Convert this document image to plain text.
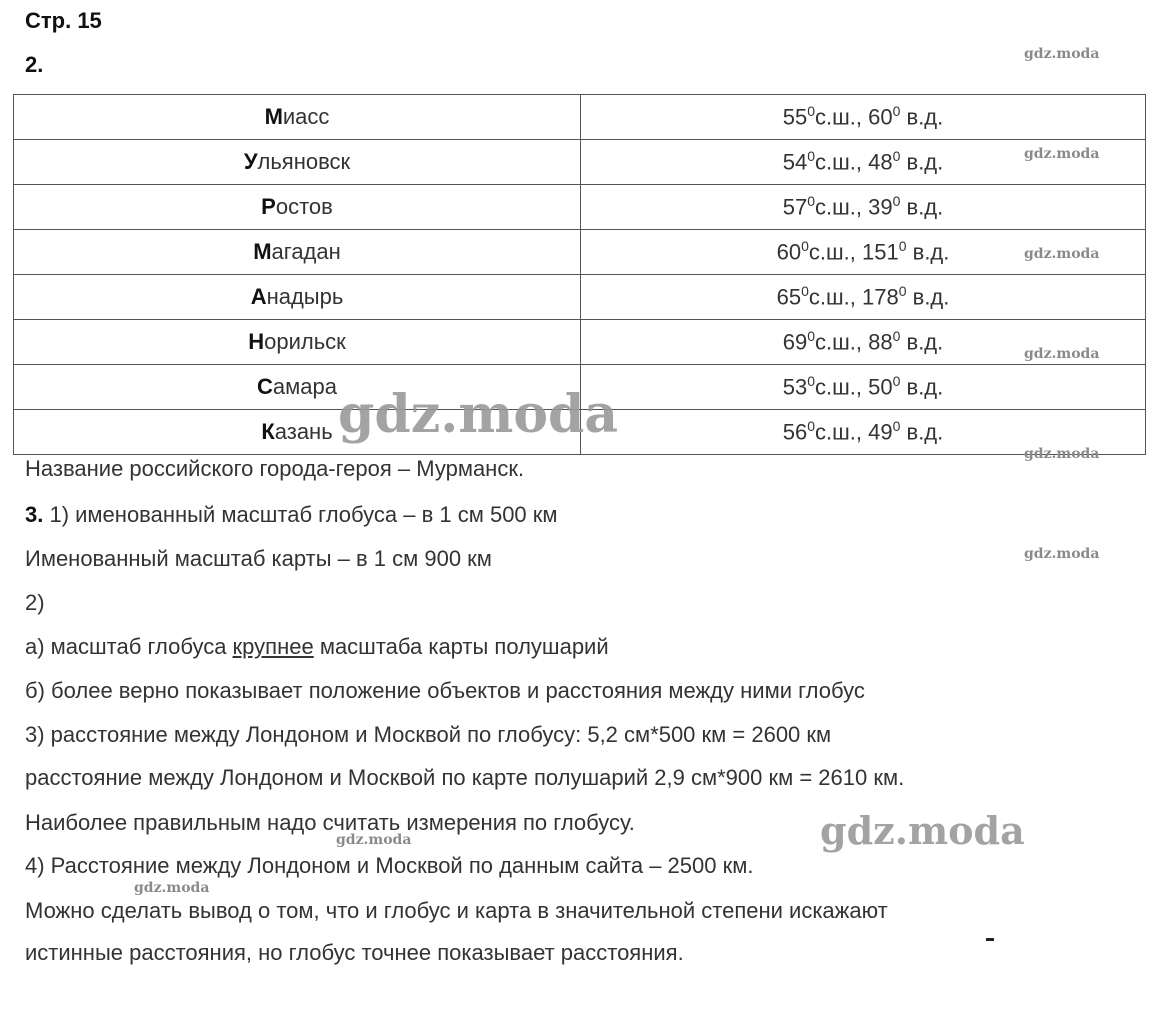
Стр. 15
2.
Миасс	$55^0с.ш$., $60^0$ в.д.
Ульяновск	$54^0с.ш$., $48^0$ в.д.
Ростов	$57^0с.ш$., $39^0$ в.д.
Магадан	$60^0с.ш$., $151^0$ в.д.
Анадырь	$65^0с.ш$., $178^0$ в.д.
Норильск	$69^0с.ш$., $88^0$ в.д.
Самара	$53^0с.ш$., $50^0$ в.д.
Казань	$56^0с.ш$., $49^0$ в.д.
Название российского города-героя – Мурманск.
3. 1) именованный масштаб глобуса – в 1 см 500 км
Именованный масштаб карты – в 1 см 900 км
2)
а) масштаб глобуса крупнее масштаба карты полушарий
б) более верно показывает положение объектов и расстояния между ними глобус
3) расстояние между Лондоном и Москвой по глобусу: 5,2 см*500 км = 2600 км
расстояние между Лондоном и Москвой по карте полушарий 2,9 см*900 км = 2610 км.
Наиболее правильным надо считать измерения по глобусу.
4) Расстояние между Лондоном и Москвой по данным сайта – 2500 км.
Можно сделать вывод о том, что и глобус и карта в значительной степени искажают
истинные расстояния, но глобус точнее показывает расстояния.
gdz.moda
gdz.moda
gdz.moda
gdz.moda
gdz.moda
gdz.moda
gdz.moda
gdz.moda
gdz.moda
gdz.moda
